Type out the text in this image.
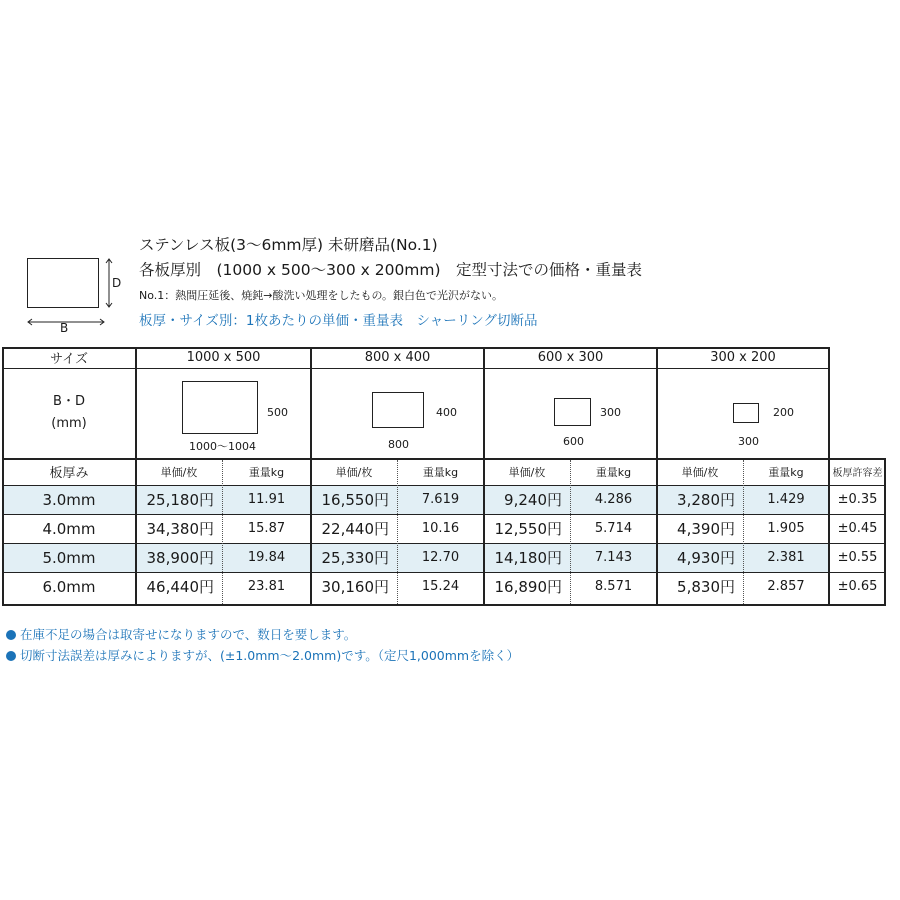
D
B
ステンレス板(3〜6mm厚) 未研磨品(No.1)
各板厚別　(1000 x 500〜300 x 200mm)　定型寸法での価格・重量表
No.1：熱間圧延後、焼鈍→酸洗い処理をしたもの。銀白色で光沢がない。
板厚・サイズ別：1枚あたりの単価・重量表　シャーリング切断品
サイズ	1000 x 500	800 x 400	600 x 300	300 x 200
B・D
(mm)
500
1000〜1004
400
800
300
600
200
300
板厚み	単価/枚	重量kg	単価/枚	重量kg	単価/枚	重量kg	単価/枚	重量kg	板厚許容差
3.0mm	25,180円	11.91	16,550円	7.619	9,240円	4.286	3,280円	1.429	±0.35
4.0mm	34,380円	15.87	22,440円	10.16	12,550円	5.714	4,390円	1.905	±0.45
5.0mm	38,900円	19.84	25,330円	12.70	14,180円	7.143	4,930円	2.381	±0.55
6.0mm	46,440円	23.81	30,160円	15.24	16,890円	8.571	5,830円	2.857	±0.65
在庫不足の場合は取寄せになりますので、数日を要します。
切断寸法誤差は厚みによりますが、(±1.0mm〜2.0mm)です。（定尺1,000mmを除く）
